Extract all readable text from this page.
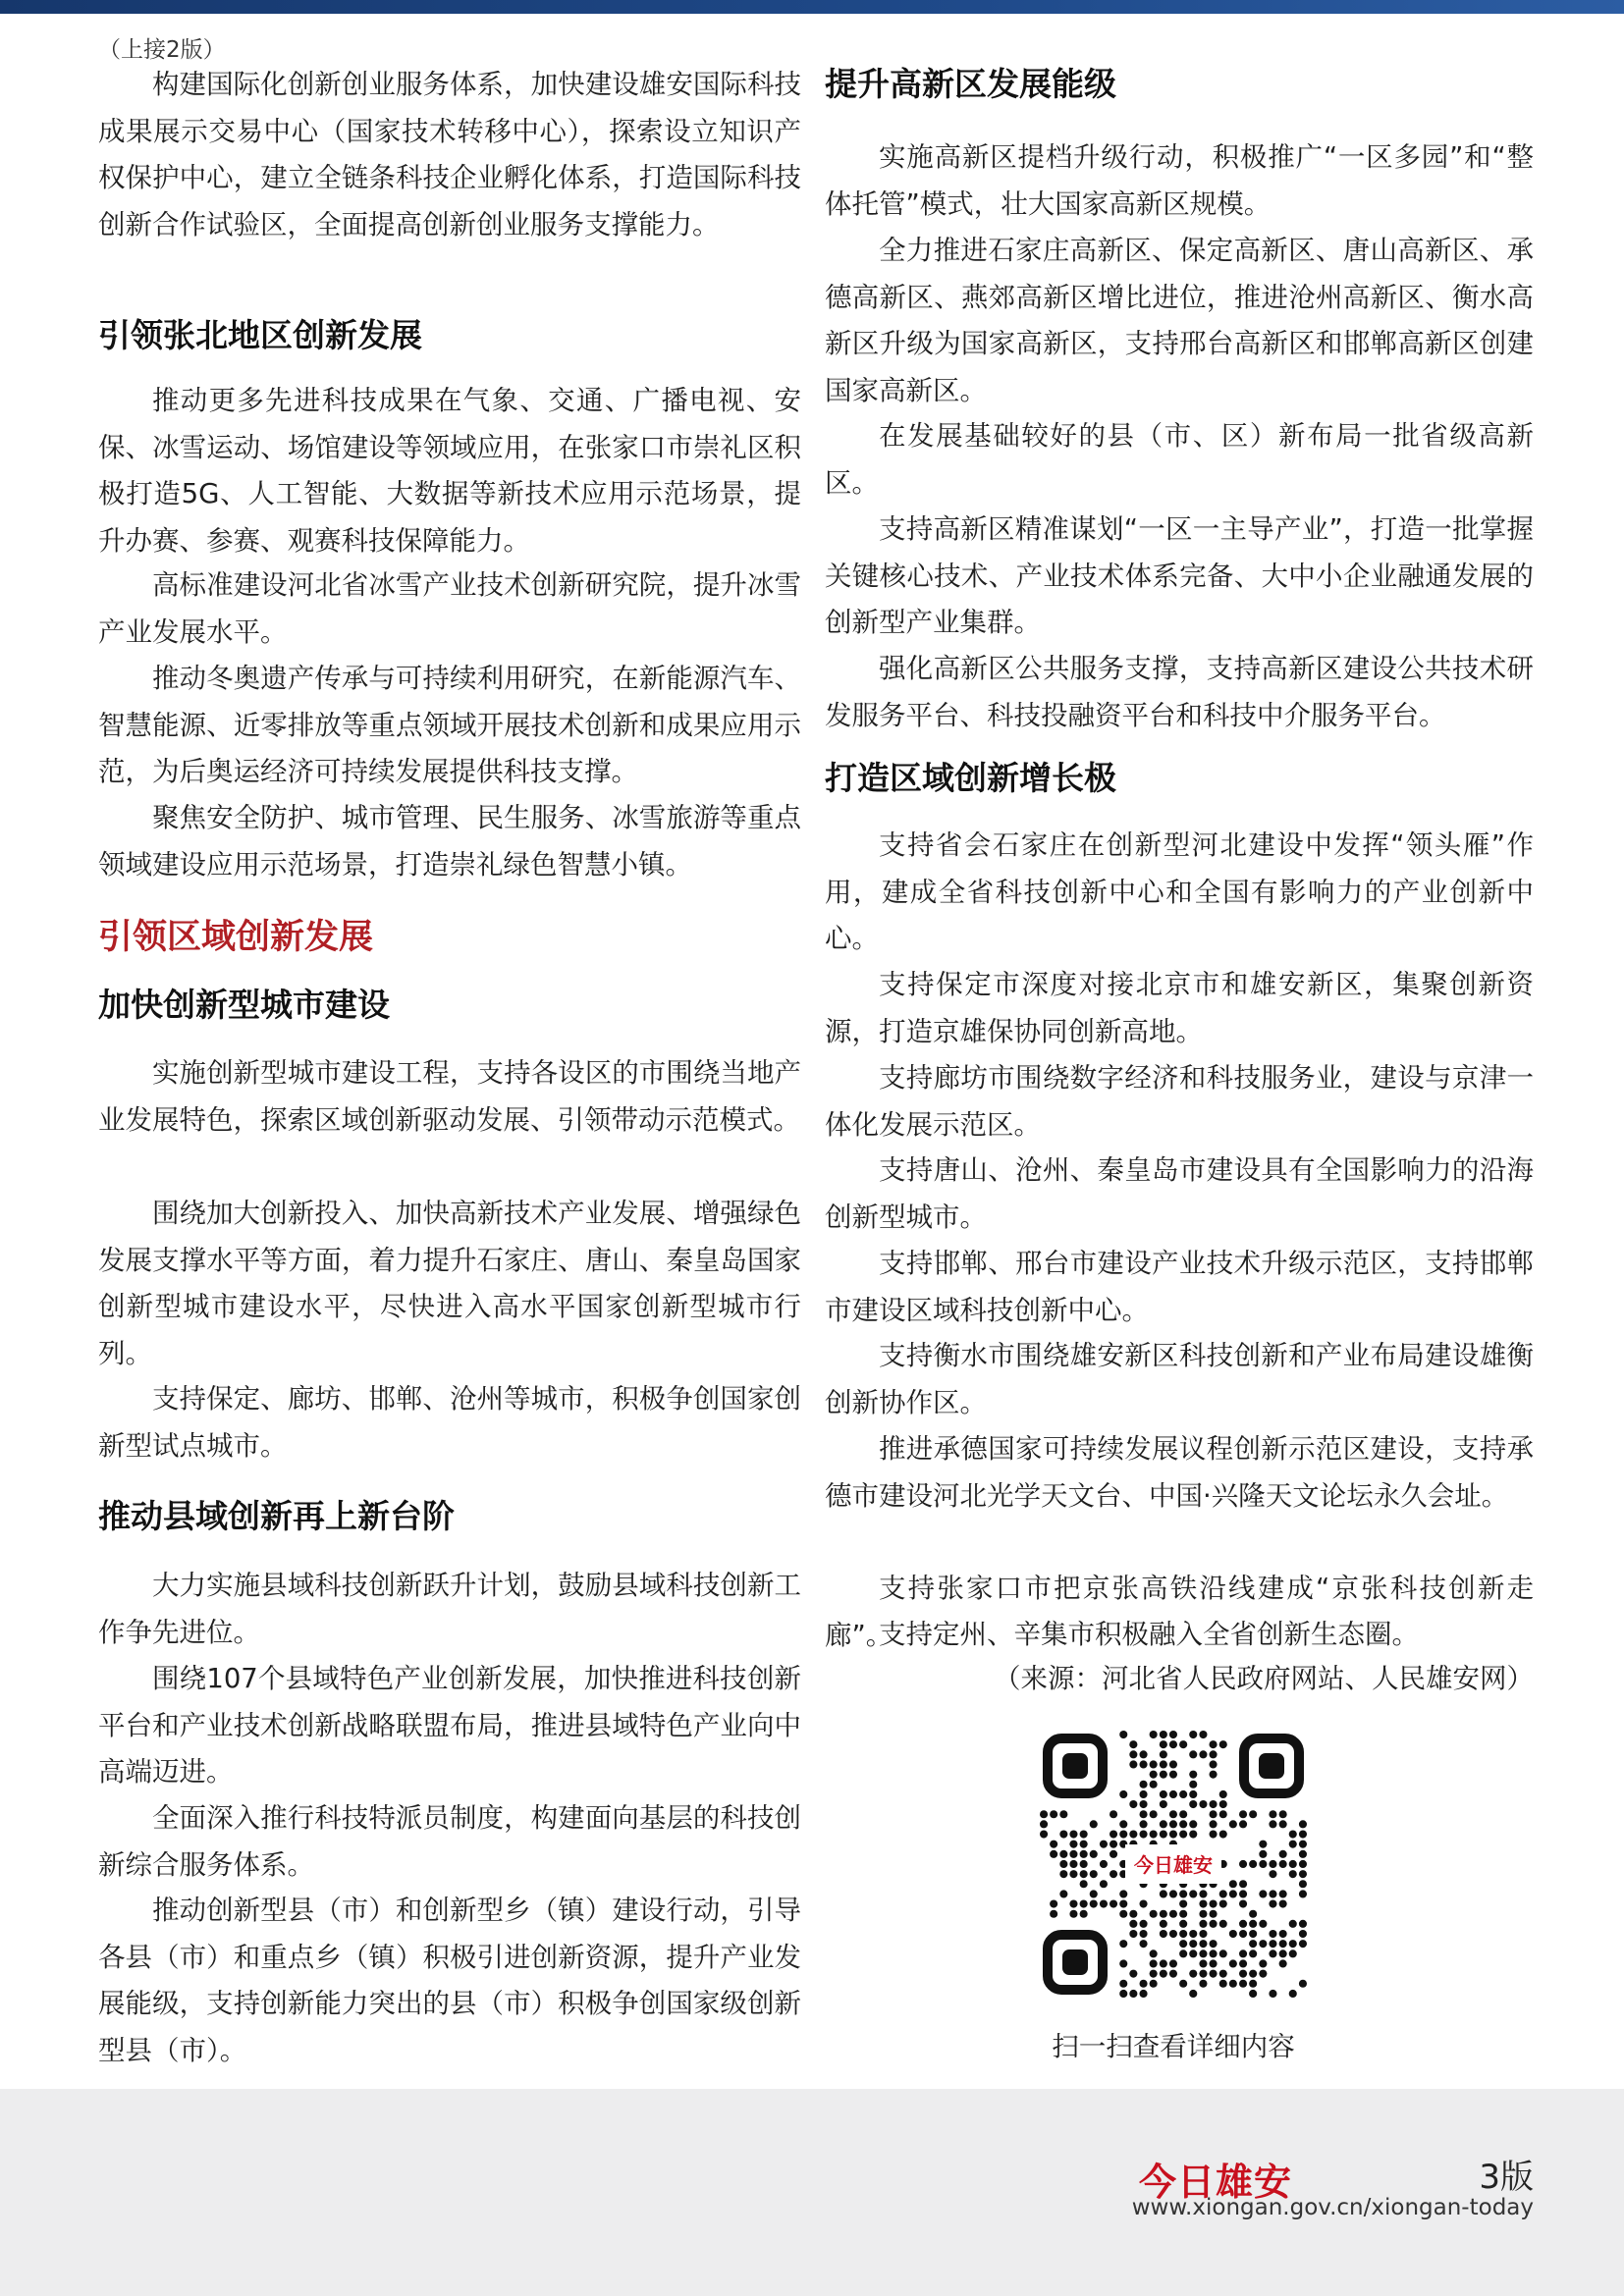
（上接2版）

构建国际化创新创业服务体系，加快建设雄安国际科技成果展示交易中心（国家技术转移中心），探索设立知识产权保护中心，建立全链条科技企业孵化体系，打造国际科技创新合作试验区，全面提高创新创业服务支撑能力。

引领张北地区创新发展

推动更多先进科技成果在气象、交通、广播电视、安保、冰雪运动、场馆建设等领域应用，在张家口市崇礼区积极打造5G、人工智能、大数据等新技术应用示范场景，提升办赛、参赛、观赛科技保障能力。

高标准建设河北省冰雪产业技术创新研究院，提升冰雪产业发展水平。

推动冬奥遗产传承与可持续利用研究，在新能源汽车、智慧能源、近零排放等重点领域开展技术创新和成果应用示范，为后奥运经济可持续发展提供科技支撑。

聚焦安全防护、城市管理、民生服务、冰雪旅游等重点领域建设应用示范场景，打造崇礼绿色智慧小镇。

引领区域创新发展
加快创新型城市建设

实施创新型城市建设工程，支持各设区的市围绕当地产业发展特色，探索区域创新驱动发展、引领带动示范模式。

围绕加大创新投入、加快高新技术产业发展、增强绿色发展支撑水平等方面，着力提升石家庄、唐山、秦皇岛国家创新型城市建设水平，尽快进入高水平国家创新型城市行列。

支持保定、廊坊、邯郸、沧州等城市，积极争创国家创新型试点城市。

推动县域创新再上新台阶

大力实施县域科技创新跃升计划，鼓励县域科技创新工作争先进位。

围绕107个县域特色产业创新发展，加快推进科技创新平台和产业技术创新战略联盟布局，推进县域特色产业向中高端迈进。

全面深入推行科技特派员制度，构建面向基层的科技创新综合服务体系。

推动创新型县（市）和创新型乡（镇）建设行动，引导各县（市）和重点乡（镇）积极引进创新资源，提升产业发展能级，支持创新能力突出的县（市）积极争创国家级创新型县（市）。

提升高新区发展能级

实施高新区提档升级行动，积极推广“一区多园”和“整体托管”模式，壮大国家高新区规模。

全力推进石家庄高新区、保定高新区、唐山高新区、承德高新区、燕郊高新区增比进位，推进沧州高新区、衡水高新区升级为国家高新区，支持邢台高新区和邯郸高新区创建国家高新区。

在发展基础较好的县（市、区）新布局一批省级高新区。

支持高新区精准谋划“一区一主导产业”，打造一批掌握关键核心技术、产业技术体系完备、大中小企业融通发展的创新型产业集群。

强化高新区公共服务支撑，支持高新区建设公共技术研发服务平台、科技投融资平台和科技中介服务平台。

打造区域创新增长极

支持省会石家庄在创新型河北建设中发挥“领头雁”作用，建成全省科技创新中心和全国有影响力的产业创新中心。

支持保定市深度对接北京市和雄安新区，集聚创新资源，打造京雄保协同创新高地。

支持廊坊市围绕数字经济和科技服务业，建设与京津一体化发展示范区。

支持唐山、沧州、秦皇岛市建设具有全国影响力的沿海创新型城市。

支持邯郸、邢台市建设产业技术升级示范区，支持邯郸市建设区域科技创新中心。

支持衡水市围绕雄安新区科技创新和产业布局建设雄衡创新协作区。

推进承德国家可持续发展议程创新示范区建设，支持承德市建设河北光学天文台、中国·兴隆天文论坛永久会址。

支持张家口市把京张高铁沿线建成“京张科技创新走廊”。

支持定州、辛集市积极融入全省创新生态圈。

（来源：河北省人民政府网站、人民雄安网）
今日雄安
扫一扫查看详细内容
今日雄安	3版
www.xiongan.gov.cn/xiongan-today
